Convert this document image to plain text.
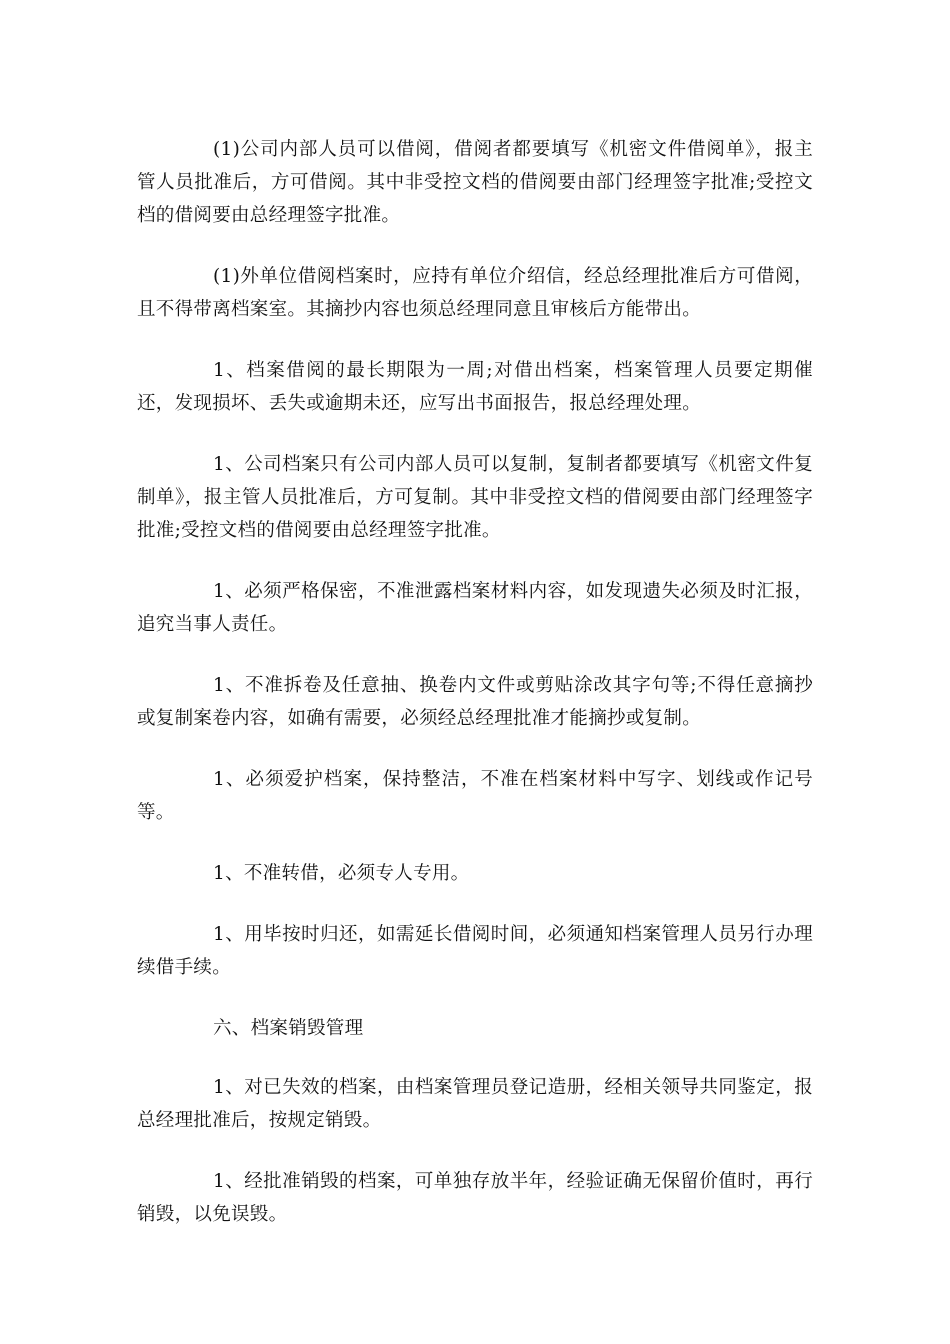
(1)公司内部人员可以借阅，借阅者都要填写《机密文件借阅单》，报主管人员批准后，方可借阅。其中非受控文档的借阅要由部门经理签字批准;受控文档的借阅要由总经理签字批准。

(1)外单位借阅档案时，应持有单位介绍信，经总经理批准后方可借阅，且不得带离档案室。其摘抄内容也须总经理同意且审核后方能带出。

1、档案借阅的最长期限为一周;对借出档案，档案管理人员要定期催还，发现损坏、丢失或逾期未还，应写出书面报告，报总经理处理。

1、公司档案只有公司内部人员可以复制，复制者都要填写《机密文件复制单》，报主管人员批准后，方可复制。其中非受控文档的借阅要由部门经理签字批准;受控文档的借阅要由总经理签字批准。

1、必须严格保密，不准泄露档案材料内容，如发现遗失必须及时汇报，追究当事人责任。

1、不准拆卷及任意抽、换卷内文件或剪贴涂改其字句等;不得任意摘抄或复制案卷内容，如确有需要，必须经总经理批准才能摘抄或复制。

1、必须爱护档案，保持整洁，不准在档案材料中写字、划线或作记号等。

1、不准转借，必须专人专用。

1、用毕按时归还，如需延长借阅时间，必须通知档案管理人员另行办理续借手续。

六、档案销毁管理

1、对已失效的档案，由档案管理员登记造册，经相关领导共同鉴定，报总经理批准后，按规定销毁。

1、经批准销毁的档案，可单独存放半年，经验证确无保留价值时，再行销毁，以免误毁。
